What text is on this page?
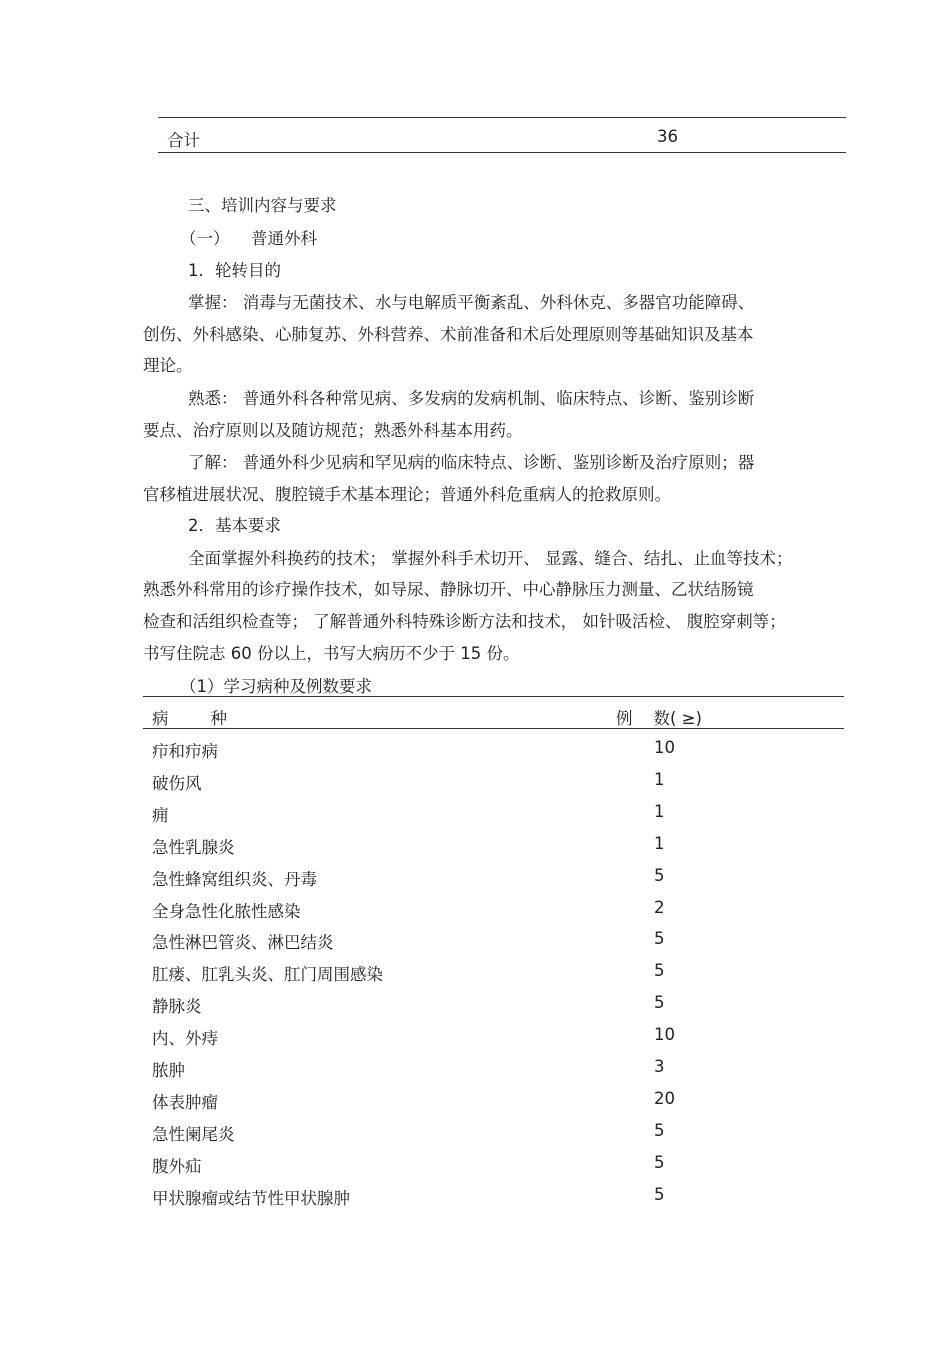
合计	36
三、培训内容与要求
（一） 普通外科
1．轮转目的
掌握： 消毒与无菌技术、水与电解质平衡紊乱、外科休克、多器官功能障碍、
创伤、外科感染、心肺复苏、外科营养、术前准备和术后处理原则等基础知识及基本
理论。
熟悉： 普通外科各种常见病、多发病的发病机制、临床特点、诊断、鉴别诊断
要点、治疗原则以及随访规范；熟悉外科基本用药。
了解： 普通外科少见病和罕见病的临床特点、诊断、鉴别诊断及治疗原则；器
官移植进展状况、腹腔镜手术基本理论；普通外科危重病人的抢救原则。
2．基本要求
全面掌握外科换药的技术； 掌握外科手术切开、 显露、缝合、结扎、止血等技术；
熟悉外科常用的诊疗操作技术，如导尿、静脉切开、中心静脉压力测量、乙状结肠镜
检查和活组织检查等； 了解普通外科特殊诊断方法和技术， 如针吸活检、 腹腔穿刺等；
书写住院志 60 份以上，书写大病历不少于 15 份。
（1）学习病种及例数要求
病        种	例    数( ≥)
疖和疖病	10
破伤风	1
痈	1
急性乳腺炎	1
急性蜂窝组织炎、丹毒	5
全身急性化脓性感染	2
急性淋巴管炎、淋巴结炎	5
肛瘘、肛乳头炎、肛门周围感染	5
静脉炎	5
内、外痔	10
脓肿	3
体表肿瘤	20
急性阑尾炎	5
腹外疝	5
甲状腺瘤或结节性甲状腺肿	5
